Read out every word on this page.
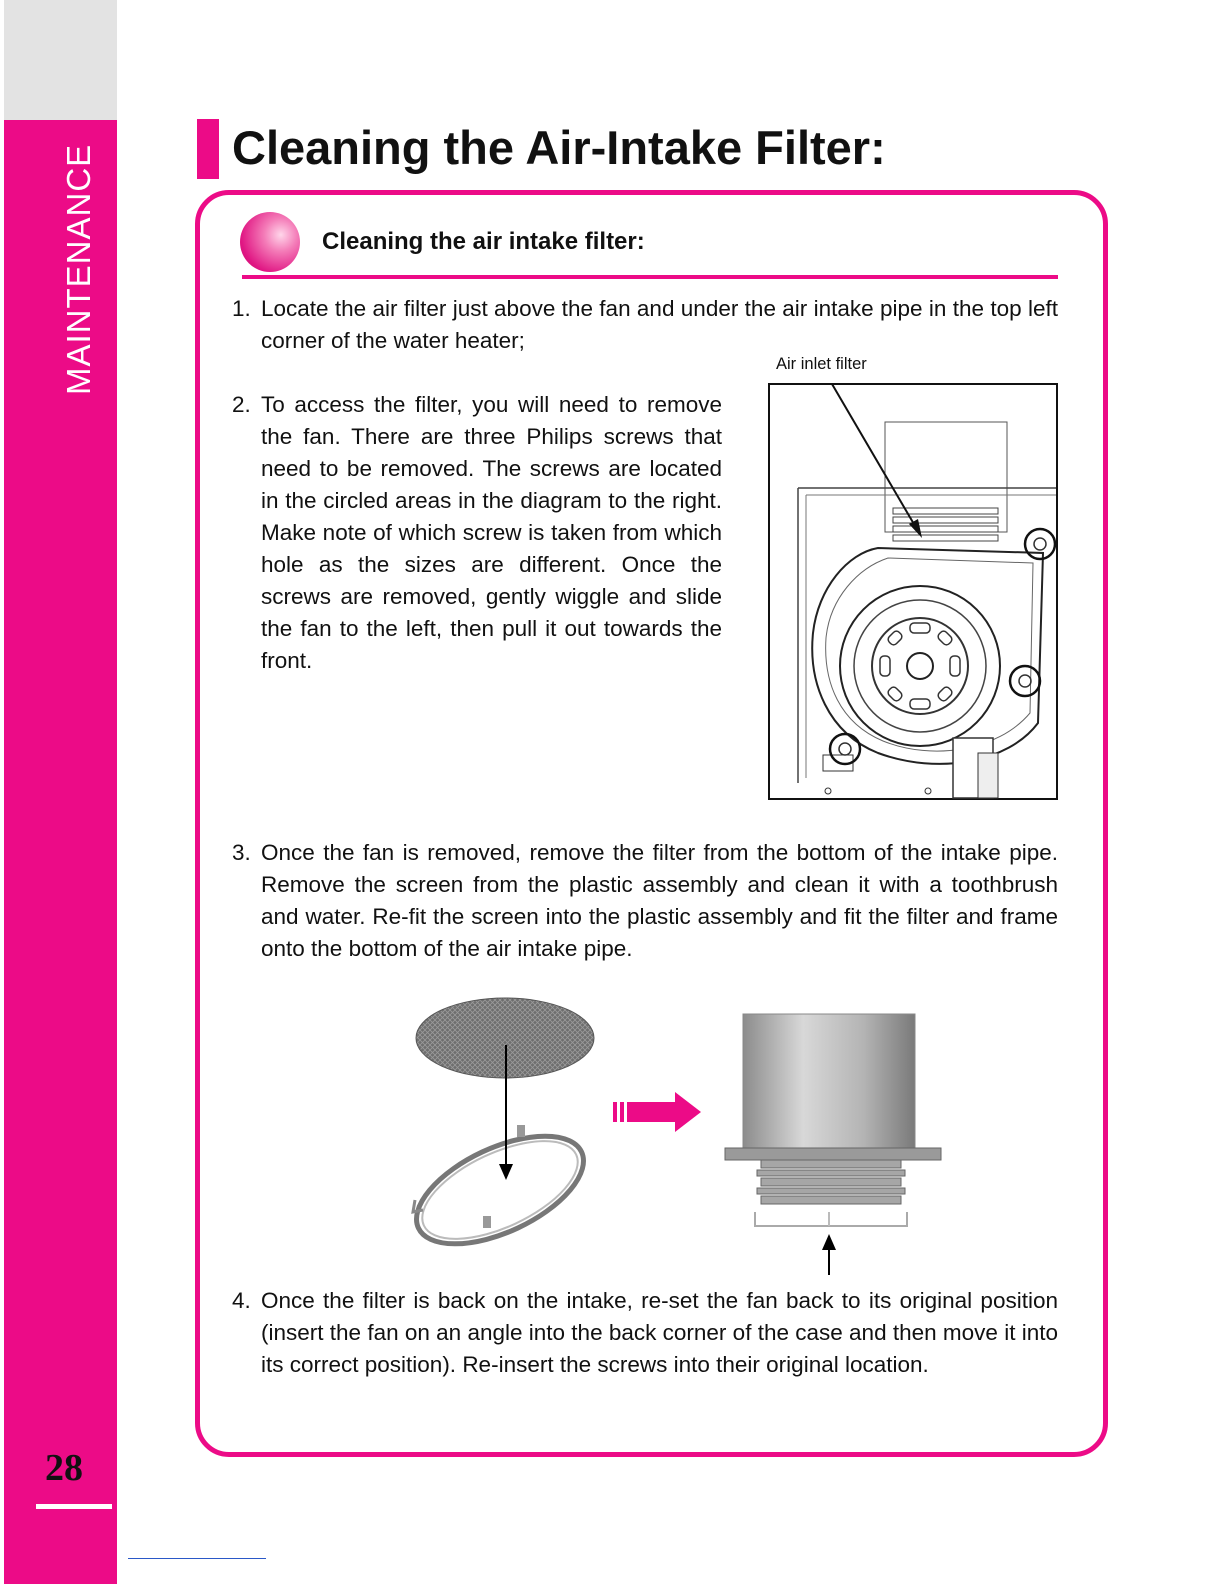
MAINTENANCE
28
Cleaning the Air-Intake Filter:
Cleaning the air intake filter:

1. Locate the air filter just above the fan and under the air intake pipe in the top left corner of the water heater;

2. To access the filter, you will need to remove the fan. There are three Philips screws that need to be removed. The screws are located in the circled areas in the diagram to the right. Make note of which screw is taken from which hole as the sizes are different. Once the screws are removed, gently wiggle and slide the fan to the left, then pull it out towards the front.

3. Once the fan is removed, remove the filter from the bottom of the intake pipe. Remove the screen from the plastic assembly and clean it with a toothbrush and water. Re-fit the screen into the plastic assembly and fit the filter and frame onto the bottom of the air intake pipe.

4. Once the filter is back on the intake, re-set the fan back to its original position (insert the fan on an angle into the back corner of the case and then move it into its correct position). Re-insert the screws into their original location.

Air inlet filter
